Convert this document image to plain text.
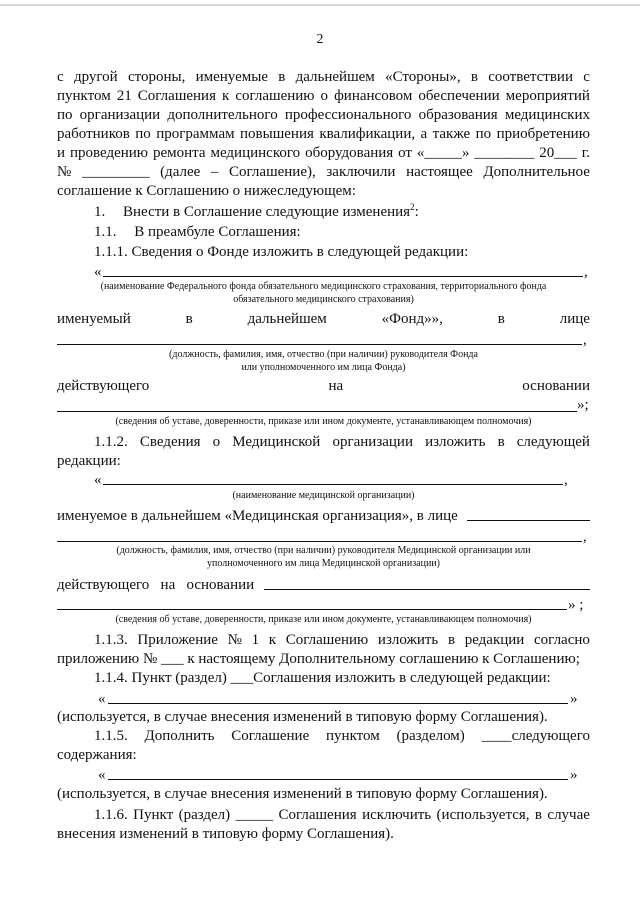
2
с другой стороны, именуемые в дальнейшем «Стороны», в соответствии с
пунктом 21 Соглашения к соглашению о финансовом обеспечении мероприятий
по организации дополнительного профессионального образования медицинских
работников по программам повышения квалификации, а также по приобретению
и проведению ремонта медицинского оборудования от «_____» ________ 20___ г.
№ _________ (далее – Соглашение), заключили настоящее Дополнительное
соглашение к Соглашению о нижеследующем:
1. Внести в Соглашение следующие изменения$^2$:
1.1. В преамбуле Соглашения:
1.1.1. Сведения о Фонде изложить в следующей редакции:
«	,
(наименование Федерального фонда обязательного медицинского страхования, территориального фонда
обязательного медицинского страхования)
именуемый	в	дальнейшем	«Фонд»»,	в	лице
,
(должность, фамилия, имя, отчество (при наличии) руководителя Фонда
или уполномоченного им лица Фонда)
действующего	на	основании
»;
(сведения об уставе, доверенности, приказе или ином документе, устанавливающем полномочия)
1.1.2. Сведения о Медицинской организации изложить в следующей
редакции:
«	,
(наименование медицинской организации)
именуемое в дальнейшем «Медицинская организация», в лице
,
(должность, фамилия, имя, отчество (при наличии) руководителя Медицинской организации или
уполномоченного им лица Медицинской организации)
действующего   на   основании
» ;
(сведения об уставе, доверенности, приказе или ином документе, устанавливающем полномочия)
1.1.3. Приложение № 1 к Соглашению изложить в редакции согласно
приложению № ___ к настоящему Дополнительному соглашению к Соглашению;
1.1.4. Пункт (раздел) ___Соглашения изложить в следующей редакции:
«	»
(используется, в случае внесения изменений в типовую форму Соглашения).
1.1.5. Дополнить Соглашение пунктом (разделом) ____следующего
содержания:
«	»
(используется, в случае внесения изменений в типовую форму Соглашения).
1.1.6. Пункт (раздел) _____ Соглашения исключить (используется, в случае
внесения изменений в типовую форму Соглашения).
